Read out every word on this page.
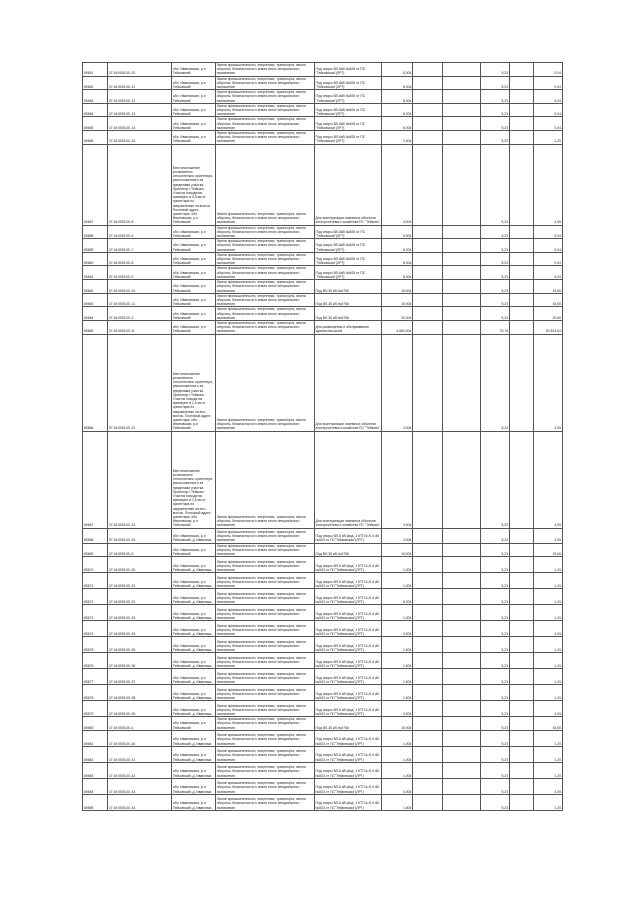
80651	37:16:050103:-10	обл. Ивановская, р-н Тейковский	Земли промышленности, энергетики, транспорта, земли обороны, безопасности и земли иного специального назначения	Под опоры ВЛ-6кВ №608 от ПС "Тейковская"(ЛРТ)	8,004			5,23		0,04
80652	37:16:050103:-11	обл. Ивановская, р-н Тейковский	Земли промышленности, энергетики, транспорта, земли обороны, безопасности и земли иного специального назначения	Под опоры ВЛ-6кВ №608 от ПС "Тейковская"(ЛРТ)	8,004			5,23		0,04
80653	37:16:050103:-12	обл. Ивановская, р-н Тейковский	Земли промышленности, энергетики, транспорта, земли обороны, безопасности и земли иного специального назначения	Под опоры ВЛ-6кВ №608 от ПС "Тейковская"(ЛРТ)	8,004			5,23		0,04
80654	37:16:050103:-13	обл. Ивановская, р-н Тейковский	Земли промышленности, энергетики, транспорта, земли обороны, безопасности и земли иного специального назначения	Под опоры ВЛ-6кВ №608 от ПС "Тейковская"(ЛРТ)	8,004			5,23		0,04
80655	37:16:050103:-14	обл. Ивановская, р-н Тейковский	Земли промышленности, энергетики, транспорта, земли обороны, безопасности и земли иного специального назначения	Под опоры ВЛ-6кВ №608 от ПС "Тейковская"(ЛРТ)	8,004			5,23		0,04
80656	37:16:050103:-15	обл. Ивановская, р-н Тейковский	Земли промышленности, энергетики, транспорта, земли обороны, безопасности и земли иного специального назначения	Под опоры ВЛ-6кВ №608 от ПС "Тейковская"(ЛРТ)	1,604			5,23		1,20
80657	37:16:050103:-5	Местоположение установлено относительно ориентира, расположенного за пределами участка. Ориентир г.Тейково. Участок находится примерно в 0,5 км от ориентира по направлению на восток. Почтовый адрес ориентира: обл. Ивановская, р-н Тейковский	Земли промышленности, энергетики, транспорта, земли обороны, безопасности и земли иного специального назначения	Для эксплуатации наземных объектов электросетевого хозяйства ПС "Тейково"	4,004			5,23		4,05
80658	37:16:050103:-6	обл. Ивановская, р-н Тейковский	Земли промышленности, энергетики, транспорта, земли обороны, безопасности и земли иного специального назначения	Под опоры ВЛ-6кВ №608 от ПС "Тейковская"(ЛРТ)	8,004			5,23		0,04
80659	37:16:050103:-7	обл. Ивановская, р-н Тейковский	Земли промышленности, энергетики, транспорта, земли обороны, безопасности и земли иного специального назначения	Под опоры ВЛ-6кВ №608 от ПС "Тейковская"(ЛРТ)	8,004			5,23		0,04
80660	37:16:050103:-8	обл. Ивановская, р-н Тейковский	Земли промышленности, энергетики, транспорта, земли обороны, безопасности и земли иного специального назначения	Под опоры ВЛ-6кВ №608 от ПС "Тейковская"(ЛРТ)	8,004			5,23		0,04
80661	37:16:050103:-9	обл. Ивановская, р-н Тейковский	Земли промышленности, энергетики, транспорта, земли обороны, безопасности и земли иного специального назначения	Под опоры ВЛ-6кВ №608 от ПС "Тейковская"(ЛРТ)	8,004			5,23		0,04
80662	37:16:050103:-10	обл. Ивановская, р-н Тейковский	Земли промышленности, энергетики, транспорта, земли обороны, безопасности и земли иного специального назначения	Под ВЛ-35 кВ №6756	15,004			5,23		15,60
80663	37:16:050103:-11	обл. Ивановская, р-н Тейковский	Земли промышленности, энергетики, транспорта, земли обороны, безопасности и земли иного специального назначения	Под ВЛ-35 кВ №6756	15,004			5,23		15,60
80664	37:16:050103:-3	обл. Ивановская, р-н Тейковский	Земли промышленности, энергетики, транспорта, земли обороны, безопасности и земли иного специального назначения	Под ВЛ-35 кВ №6756	20,004			5,23		20,60
80665	37:16:050103:-3r	обл. Ивановская, р-н Тейковский	Земли промышленности, энергетики, транспорта, земли обороны, безопасности и земли иного специального назначения	Для размещения и обслуживания здания насосной	4 680,004			75,76		54 813,64
80666	37:16:050103:-22	Местоположение установлено относительно ориентира, расположенного за пределами участка. Ориентир г.Тейково. Участок находится примерно в 1,5 км от ориентира по направлению на юго-восток. Почтовый адрес ориентира: обл. Ивановская, р-н Тейковский	Земли промышленности, энергетики, транспорта, земли обороны, безопасности и земли иного специального назначения	Для эксплуатации наземных объектов электросетевого хозяйства ПС "Тейково"	4,004			5,23		4,05
80667	37:16:050103:-23	Местоположение установлено относительно ориентира, расположенного за пределами участка. Ориентир г.Тейково. Участок находится примерно в 1,5 км от ориентира по направлению на юго-восток. Почтовый адрес ориентира: обл. Ивановская, р-н Тейковский	Земли промышленности, энергетики, транспорта, земли обороны, безопасности и земли иного специального назначения	Для эксплуатации наземных объектов электросетевого хозяйства ПС "Тейково"	4,004			5,23		4,05
80668	37:16:050103:-24	обл. Ивановская, р-н Тейковский, д. Ивановка	Земли промышленности, энергетики, транспорта, земли обороны, безопасности и земли иного специального назначения	Под опоры ВЛ-6 кВ фид. 1 КТП-6 /0,4 кВ №603 от ПС"Тейковская"(ЛРТ)	4,004			5,23		4,05
80669	37:16:050103:-5	обл. Ивановская, р-н Тейковский	Земли промышленности, энергетики, транспорта, земли обороны, безопасности и земли иного специального назначения	Под ВЛ-35 кВ №6756	15,004			5,23		15,60
80670	37:16:050103:-30	обл. Ивановская, р-н Тейковский, д. Ивановка	Земли промышленности, энергетики, транспорта, земли обороны, безопасности и земли иного специального назначения	Под опоры ВЛ-6 кВ фид. 1 КТП-6 /0,4 кВ №603 от ПС"Тейковская"(ЛРТ)	1,004			5,23		1,20
80671	37:16:050103:-31	обл. Ивановская, р-н Тейковский, д. Ивановка	Земли промышленности, энергетики, транспорта, земли обороны, безопасности и земли иного специального назначения	Под опоры ВЛ-6 кВ фид. 1 КТП-6 /0,4 кВ №603 от ПС"Тейковская"(ЛРТ)	1,004			5,23		1,20
80672	37:16:050103:-32	обл. Ивановская, р-н Тейковский, д. Ивановка	Земли промышленности, энергетики, транспорта, земли обороны, безопасности и земли иного специального назначения	Под опоры ВЛ-6 кВ фид. 1 КТП-6 /0,4 кВ №603 от ПС"Тейковская"(ЛРТ)	8,004			5,23		1,20
80673	37:16:050103:-33	обл. Ивановская, р-н Тейковский, д. Ивановка	Земли промышленности, энергетики, транспорта, земли обороны, безопасности и земли иного специального назначения	Под опоры ВЛ-6 кВ фид. 1 КТП-6 /0,4 кВ №603 от ПС"Тейковская"(ЛРТ)	1,004			5,23		1,20
80674	37:16:050103:-34	обл. Ивановская, р-н Тейковский, д. Ивановка	Земли промышленности, энергетики, транспорта, земли обороны, безопасности и земли иного специального назначения	Под опоры ВЛ-6 кВ фид. 1 КТП-6 /0,4 кВ №603 от ПС"Тейковская"(ЛРТ)	4,004			5,23		4,05
80675	37:16:050103:-35	обл. Ивановская, р-н Тейковский, д. Ивановка	Земли промышленности, энергетики, транспорта, земли обороны, безопасности и земли иного специального назначения	Под опоры ВЛ-6 кВ фид. 1 КТП-6 /0,4 кВ №603 от ПС"Тейковская"(ЛРТ)	1,604			5,23		1,20
80676	37:16:050103:-36	обл. Ивановская, р-н Тейковский, д. Ивановка	Земли промышленности, энергетики, транспорта, земли обороны, безопасности и земли иного специального назначения	Под опоры ВЛ-6 кВ фид. 1 КТП-6 /0,4 кВ №603 от ПС"Тейковская"(ЛРТ)	1,604			5,23		1,20
80677	37:16:050103:-37	обл. Ивановская, р-н Тейковский, д. Ивановка	Земли промышленности, энергетики, транспорта, земли обороны, безопасности и земли иного специального назначения	Под опоры ВЛ-6 кВ фид. 1 КТП-6 /0,4 кВ №603 от ПС"Тейковская"(ЛРТ)	1,604			5,23		1,20
80678	37:16:050103:-38	обл. Ивановская, р-н Тейковский, д. Ивановка	Земли промышленности, энергетики, транспорта, земли обороны, безопасности и земли иного специального назначения	Под опоры ВЛ-6 кВ фид. 1 КТП-6 /0,4 кВ №603 от ПС"Тейковская"(ЛРТ)	1,604			5,23		1,20
80679	37:16:050103:-39	обл. Ивановская, р-н Тейковский, д. Ивановка	Земли промышленности, энергетики, транспорта, земли обороны, безопасности и земли иного специального назначения	Под опоры ВЛ-6 кВ фид. 1 КТП-6 /0,4 кВ №603 от ПС"Тейковская"(ЛРТ)	4,004			5,23		4,05
80680	37:16:050103:-4	обл. Ивановская, р-н Тейковский	Земли промышленности, энергетики, транспорта, земли обороны, безопасности и земли иного специального назначения	Под ВЛ-35 кВ №6756	15,004			5,23		15,60
80681	37:16:050103:-40	обл. Ивановская, р-н Тейковский, д. Ивановка	Земли промышленности, энергетики, транспорта, земли обороны, безопасности и земли иного специального назначения	Под опоры ВЛ-6 кВ фид. 1 КТП-6 /0,4 кВ №603 от ПС"Тейковская"(ЛРТ)	1,004			5,23		1,20
80682	37:16:050103:-41	обл. Ивановская, р-н Тейковский, д. Ивановка	Земли промышленности, энергетики, транспорта, земли обороны, безопасности и земли иного специального назначения	Под опоры ВЛ-6 кВ фид. 1 КТП-6 /0,4 кВ №603 от ПС"Тейковская"(ЛРТ)	1,004			5,23		1,20
80683	37:16:050103:-42	обл. Ивановская, р-н Тейковский, д. Ивановка	Земли промышленности, энергетики, транспорта, земли обороны, безопасности и земли иного специального назначения	Под опоры ВЛ-6 кВ фид. 1 КТП-6 /0,4 кВ №603 от ПС"Тейковская"(ЛРТ)	1,004			5,23		1,20
80684	37:16:050103:-43	обл. Ивановская, р-н Тейковский, д. Ивановка	Земли промышленности, энергетики, транспорта, земли обороны, безопасности и земли иного специального назначения	Под опоры ВЛ-6 кВ фид. 1 КТП-6 /0,4 кВ №603 от ПС"Тейковская"(ЛРТ)	4,004			5,23		4,05
80685	37:16:050103:-44	обл. Ивановская, р-н Тейковский, д. Ивановка	Земли промышленности, энергетики, транспорта, земли обороны, безопасности и земли иного специального назначения	Под опоры ВЛ-6 кВ фид. 1 КТП-6 /0,4 кВ №603 от ПС"Тейковская"(ЛРТ)	1,604			5,23		1,20
